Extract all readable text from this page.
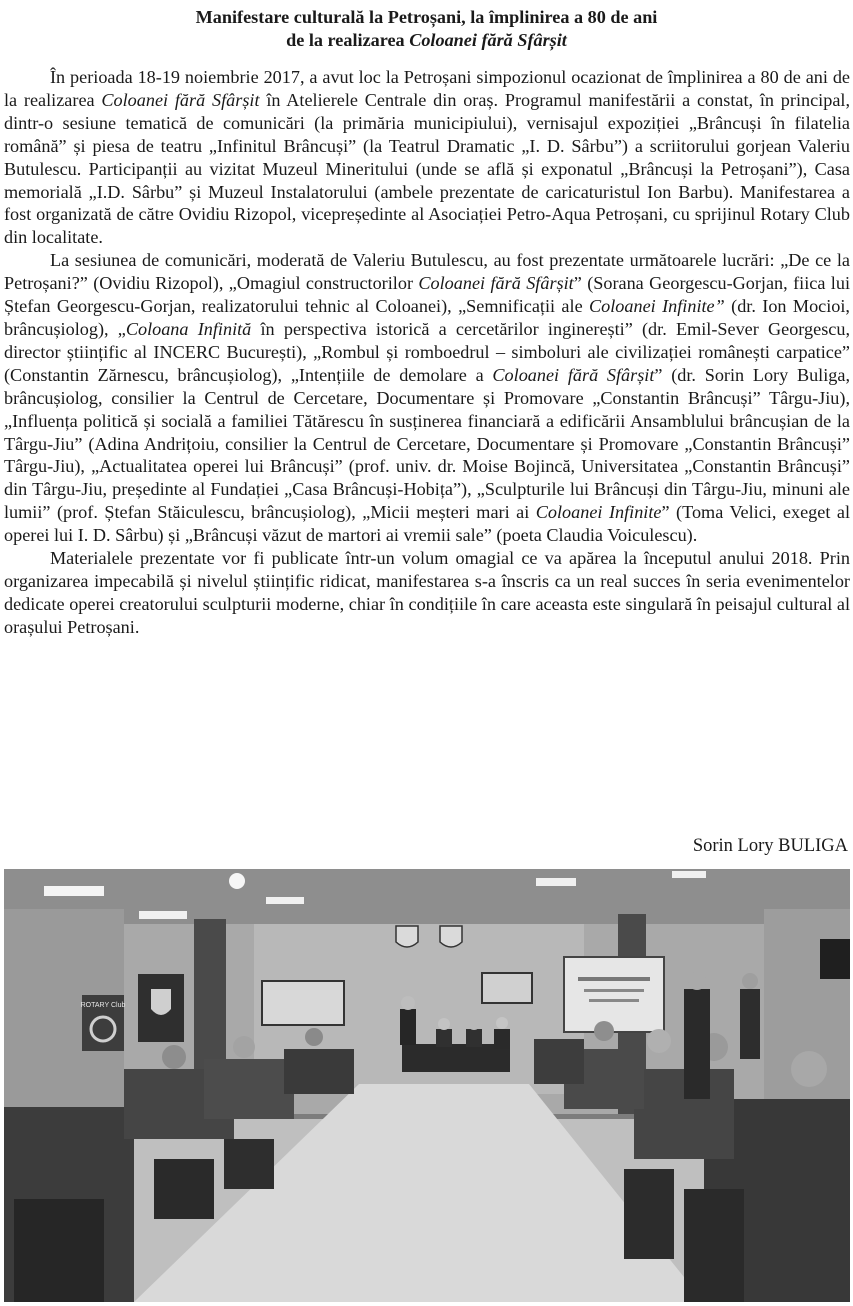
Manifestare culturală la Petroșani, la împlinirea a 80 de ani
de la realizarea Coloanei fără Sfârșit

În perioada 18-19 noiembrie 2017, a avut loc la Petroșani simpozionul ocazionat de împlinirea a 80 de ani de la realizarea Coloanei fără Sfârșit în Atelierele Centrale din oraș. Programul manifestării a constat, în principal, dintr-o sesiune tematică de comunicări (la primăria municipiului), vernisajul expoziției „Brâncuși în filatelia română” și piesa de teatru „Infinitul Brâncuși” (la Teatrul Dramatic „I. D. Sârbu”) a scriitorului gorjean Valeriu Butulescu. Participanții au vizitat Muzeul Mineritului (unde se află și exponatul „Brâncuși la Petroșani”), Casa memorială „I.D. Sârbu” și Muzeul Instalatorului (ambele prezentate de caricaturistul Ion Barbu). Manifestarea a fost organizată de către Ovidiu Rizopol, vicepreședinte al Asociației Petro-Aqua Petroșani, cu sprijinul Rotary Club din localitate.

La sesiunea de comunicări, moderată de Valeriu Butulescu, au fost prezentate următoarele lucrări: „De ce la Petroșani?” (Ovidiu Rizopol), „Omagiul constructorilor Coloanei fără Sfârșit” (Sorana Georgescu-Gorjan, fiica lui Ștefan Georgescu-Gorjan, realizatorului tehnic al Coloanei), „Semnificații ale Coloanei Infinite” (dr. Ion Mocioi, brâncușiolog), „Coloana Infinită în perspectiva istorică a cercetărilor inginerești” (dr. Emil-Sever Georgescu, director științific al INCERC București), „Rombul și romboedrul – simboluri ale civilizației românești carpatice” (Constantin Zărnescu, brâncușiolog), „Intențiile de demolare a Coloanei fără Sfârșit” (dr. Sorin Lory Buliga, brâncușiolog, consilier la Centrul de Cercetare, Documentare și Promovare „Constantin Brâncuși” Târgu-Jiu), „Influența politică și socială a familiei Tătărescu în susținerea financiară a edificării Ansamblului brâncușian de la Târgu-Jiu” (Adina Andrițoiu, consilier la Centrul de Cercetare, Documentare și Promovare „Constantin Brâncuși” Târgu-Jiu), „Actualitatea operei lui Brâncuși” (prof. univ. dr. Moise Bojincă, Universitatea „Constantin Brâncuși” din Târgu-Jiu, președinte al Fundației „Casa Brâncuși-Hobița”), „Sculpturile lui Brâncuși din Târgu-Jiu, minuni ale lumii” (prof. Ștefan Stăiculescu, brâncușiolog), „Micii meșteri mari ai Coloanei Infinite” (Toma Velici, exeget al operei lui I. D. Sârbu) și „Brâncuși văzut de martori ai vremii sale” (poeta Claudia Voiculescu).

Materialele prezentate vor fi publicate într-un volum omagial ce va apărea la începutul anului 2018. Prin organizarea impecabilă și nivelul științific ridicat, manifestarea s-a înscris ca un real succes în seria evenimentelor dedicate operei creatorului sculpturii moderne, chiar în condițiile în care aceasta este singulară în peisajul cultural al orașului Petroșani.

Sorin Lory BULIGA
ROTARY Club
